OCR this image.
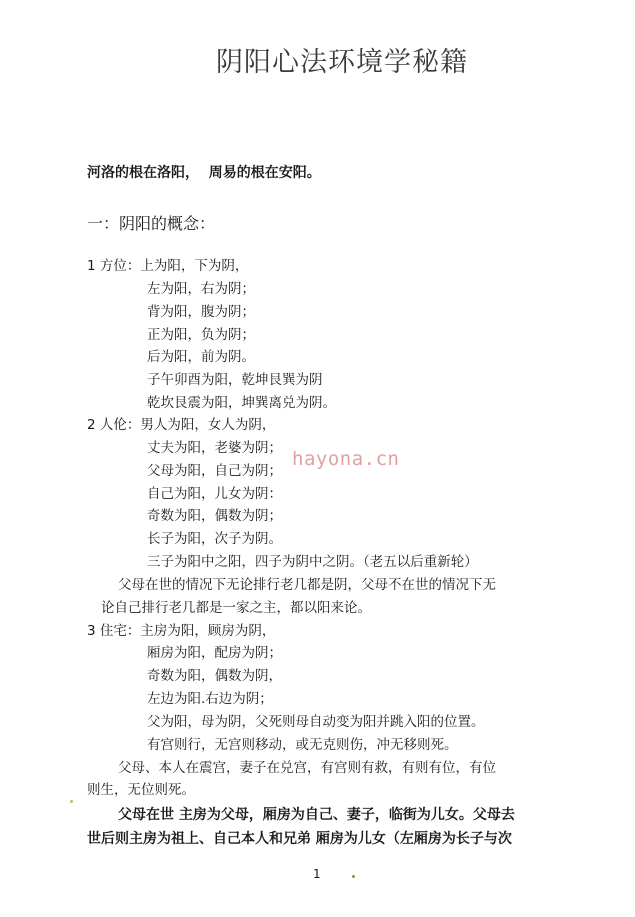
阴阳心法环境学秘籍
河洛的根在洛阳，  周易的根在安阳。
一：阴阳的概念：
1 方位：上为阳，下为阴，
左为阳，右为阴；
背为阳，腹为阴；
正为阳，负为阴；
后为阳，前为阴。
子午卯酉为阳，乾坤艮巽为阴
乾坎艮震为阳，坤巽离兑为阴。
2 人伦：男人为阳，女人为阴，
丈夫为阳，老婆为阴；
父母为阳，自己为阴；
自己为阳，儿女为阴：
奇数为阳，偶数为阴；
长子为阳，次子为阴。
三子为阳中之阳，四子为阴中之阴。（老五以后重新轮）
父母在世的情况下无论排行老几都是阴，父母不在世的情况下无
论自己排行老几都是一家之主，都以阳来论。
3 住宅：主房为阳，顾房为阴，
厢房为阳，配房为阴；
奇数为阳，偶数为阴，
左边为阳.右边为阴；
父为阳，母为阴，父死则母自动变为阳并跳入阳的位置。
有宫则行，无宫则移动，或无克则伤，冲无移则死。
父母、本人在震宫，妻子在兑宫，有宫则有救，有则有位，有位
则生，无位则死。
父母在世 主房为父母，厢房为自己、妻子，临街为儿女。父母去
世后则主房为祖上、自己本人和兄弟 厢房为儿女（左厢房为长子与次
hayona.cn
1
